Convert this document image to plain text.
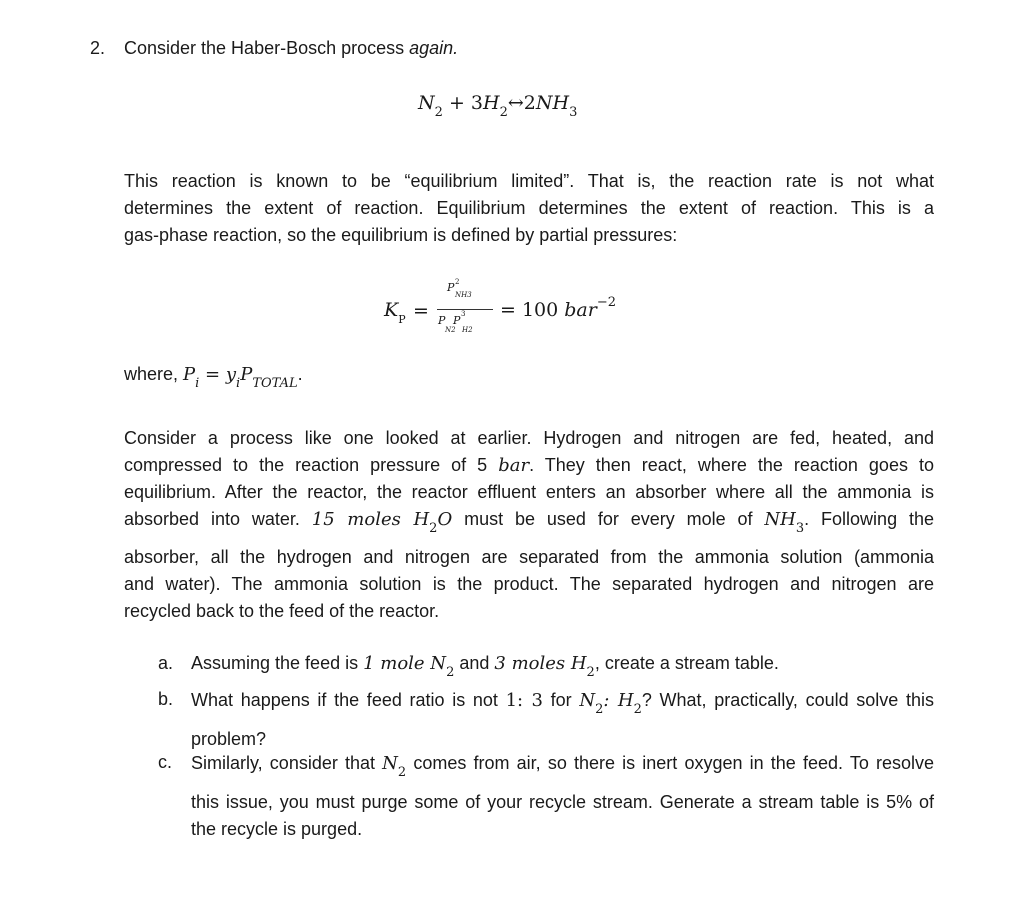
2. Consider the Haber-Bosch process again.
$N_2$ + $3H_2\leftrightarrow 2NH_3$
This reaction is known to be “equilibrium limited”. That is, the reaction rate is not what
determines the extent of reaction. Equilibrium determines the extent of reaction. This is a
gas-phase reaction, so the equilibrium is defined by partial pressures:
$K_P$ =
P 2
NH3
P
N2
P 3
H2
= 100 bar$^{-2}$
where, $P_i = y_iP_{TOTAL}$.
Consider a process like one looked at earlier. Hydrogen and nitrogen are fed, heated, and
compressed to the reaction pressure of 5 bar. They then react, where the reaction goes to
equilibrium. After the reactor, the reactor effluent enters an absorber where all the ammonia is
absorbed into water. 15 moles $H_2O$ must be used for every mole of $NH_3$. Following the
absorber, all the hydrogen and nitrogen are separated from the ammonia solution (ammonia
and water). The ammonia solution is the product. The separated hydrogen and nitrogen are
recycled back to the feed of the reactor.
a. Assuming the feed is 1 mole $N_2$ and 3 moles $H_2$, create a stream table.
b. What happens if the feed ratio is not 1: 3 for $N_2$: $H_2$? What, practically, could solve this
problem?
c. Similarly, consider that $N_2$ comes from air, so there is inert oxygen in the feed. To resolve
this issue, you must purge some of your recycle stream. Generate a stream table is 5% of
the recycle is purged.
